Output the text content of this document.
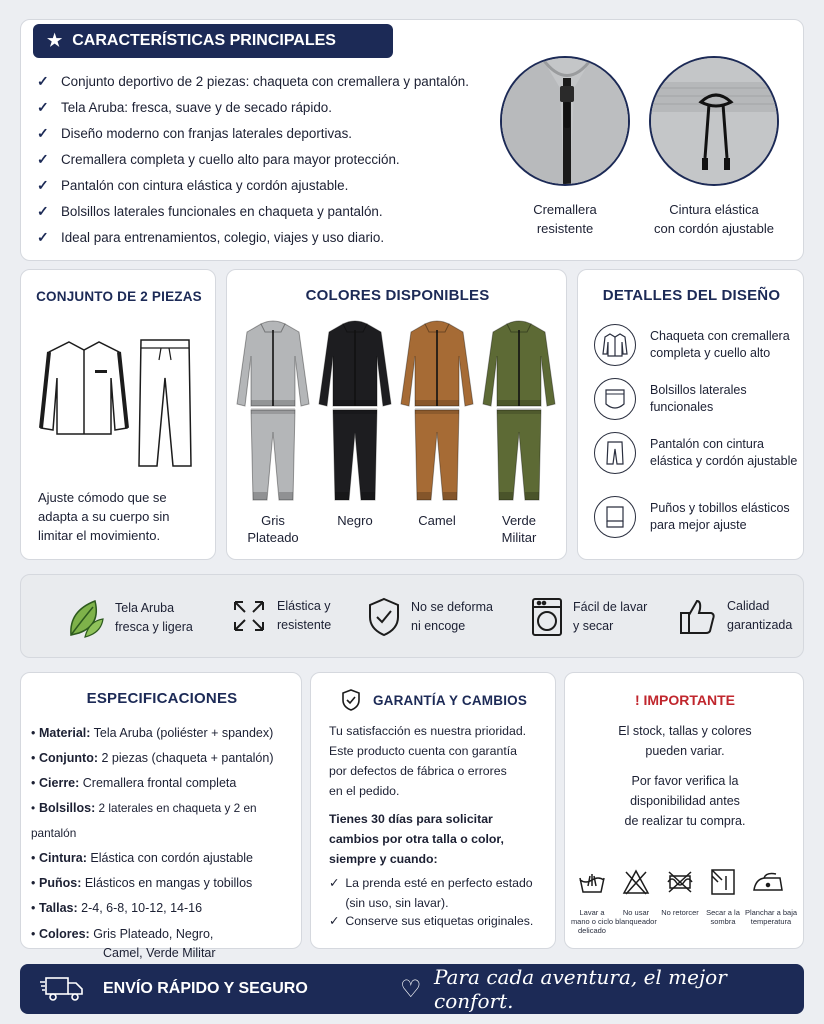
★ CARACTERÍSTICAS PRINCIPALES
✓ Conjunto deportivo de 2 piezas: chaqueta con cremallera y pantalón.
✓ Tela Aruba: fresca, suave y de secado rápido.
✓ Diseño moderno con franjas laterales deportivas.
✓ Cremallera completa y cuello alto para mayor protección.
✓ Pantalón con cintura elástica y cordón ajustable.
✓ Bolsillos laterales funcionales en chaqueta y pantalón.
✓ Ideal para entrenamientos, colegio, viajes y uso diario.
Cremallera
resistente
Cintura elástica
con cordón ajustable
CONJUNTO DE 2 PIEZAS
Ajuste cómodo que se adapta a su cuerpo sin limitar el movimiento.
COLORES DISPONIBLES
Gris
Plateado
Negro	Camel	Verde
Militar
DETALLES DEL DISEÑO
Chaqueta con cremallera completa y cuello alto
Bolsillos laterales funcionales
Pantalón con cintura elástica y cordón ajustable
Puños y tobillos elásticos para mejor ajuste
Tela Aruba
fresca y ligera
Elástica y
resistente
No se deforma
ni encoge
Fácil de lavar
y secar
Calidad
garantizada
ESPECIFICACIONES
• Material: Tela Aruba (poliéster + spandex)
• Conjunto: 2 piezas (chaqueta + pantalón)
• Cierre: Cremallera frontal completa
• Bolsillos: 2 laterales en chaqueta y 2 en pantalón
• Cintura: Elástica con cordón ajustable
• Puños: Elásticos en mangas y tobillos
• Tallas: 2-4, 6-8, 10-12, 14-16
• Colores: Gris Plateado, Negro,
Camel, Verde Militar
GARANTÍA Y CAMBIOS
Tu satisfacción es nuestra prioridad.
Este producto cuenta con garantía
por defectos de fábrica o errores
en el pedido.
Tienes 30 días para solicitar
cambios por otra talla o color,
siempre y cuando:
✓ La prenda esté en perfecto estado
(sin uso, sin lavar).
✓ Conserve sus etiquetas originales.
! IMPORTANTE
El stock, tallas y colores
pueden variar.
Por favor verifica la
disponibilidad antes
de realizar tu compra.
Lavar a
mano o ciclo
delicado
No usar
blanqueador
No retorcer Secar a la
sombra
Planchar a baja
temperatura
ENVÍO RÁPIDO Y SEGURO	♡ Para cada aventura, el mejor confort.
